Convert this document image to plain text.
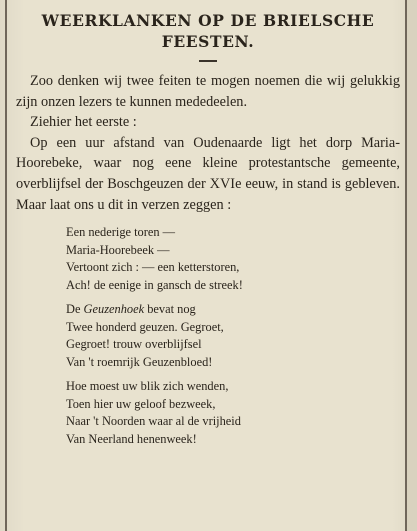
WEERKLANKEN OP DE BRIELSCHE
FEESTEN.

Zoo denken wij twee feiten te mogen noemen die wij gelukkig zijn onzen lezers te kunnen mededeelen.

Ziehier het eerste :

Op een uur afstand van Oudenaarde ligt het dorp Maria-Hoorebeke, waar nog eene kleine protestantsche gemeente, overblijfsel der Boschgeuzen der XVIe eeuw, in stand is gebleven. Maar laat ons u dit in verzen zeggen :

Een nederige toren —
Maria-Hoorebeek —
Vertoont zich : — een ketterstoren,
Ach! de eenige in gansch de streek!
De Geuzenhoek bevat nog
Twee honderd geuzen. Gegroet,
Gegroet! trouw overblijfsel
Van 't roemrijk Geuzenbloed!
Hoe moest uw blik zich wenden,
Toen hier uw geloof bezweek,
Naar 't Noorden waar al de vrijheid
Van Neerland henenweek!
